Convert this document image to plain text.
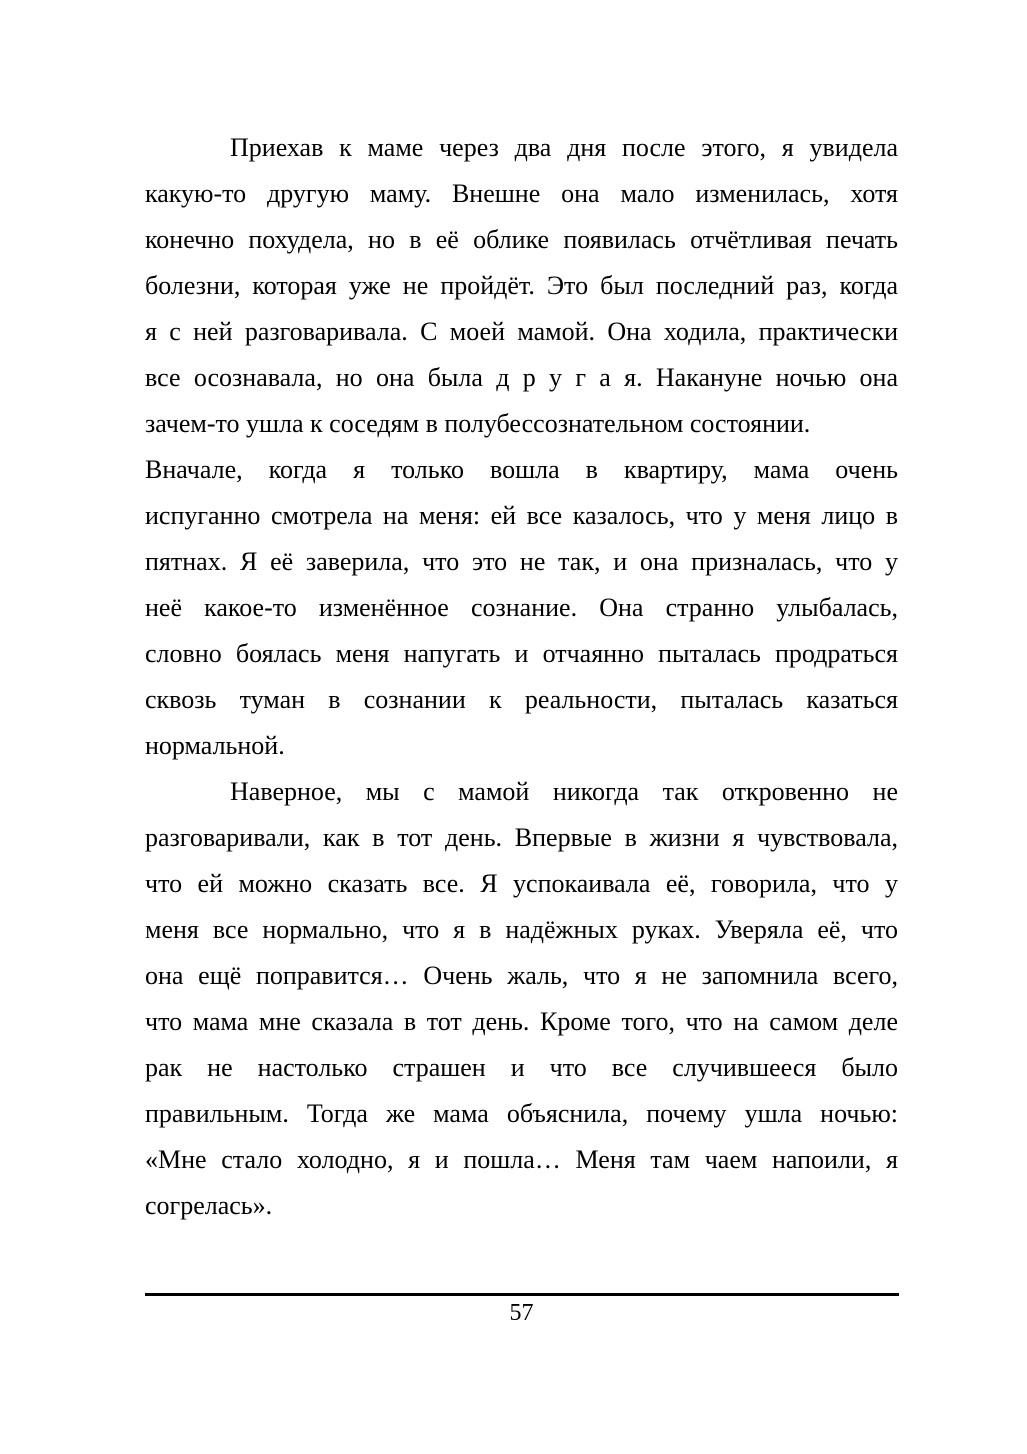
Приехав к маме через два дня после этого, я увидела
какую-то другую маму. Внешне она мало изменилась, хотя
конечно похудела, но в её облике появилась отчётливая печать
болезни, которая уже не пройдёт. Это был последний раз, когда
я с ней разговаривала. С моей мамой. Она ходила, практически
все осознавала, но она была д р у г а я. Накануне ночью она
зачем-то ушла к соседям в полубессознательном состоянии.

Вначале, когда я только вошла в квартиру, мама очень
испуганно смотрела на меня: ей все казалось, что у меня лицо в
пятнах. Я её заверила, что это не так, и она призналась, что у
неё какое-то изменённое сознание. Она странно улыбалась,
словно боялась меня напугать и отчаянно пыталась продраться
сквозь туман в сознании к реальности, пыталась казаться
нормальной.

Наверное, мы с мамой никогда так откровенно не
разговаривали, как в тот день. Впервые в жизни я чувствовала,
что ей можно сказать все. Я успокаивала её, говорила, что у
меня все нормально, что я в надёжных руках. Уверяла её, что
она ещё поправится… Очень жаль, что я не запомнила всего,
что мама мне сказала в тот день. Кроме того, что на самом деле
рак не настолько страшен и что все случившееся было
правильным. Тогда же мама объяснила, почему ушла ночью:
«Мне стало холодно, я и пошла… Меня там чаем напоили, я
согрелась».

57
